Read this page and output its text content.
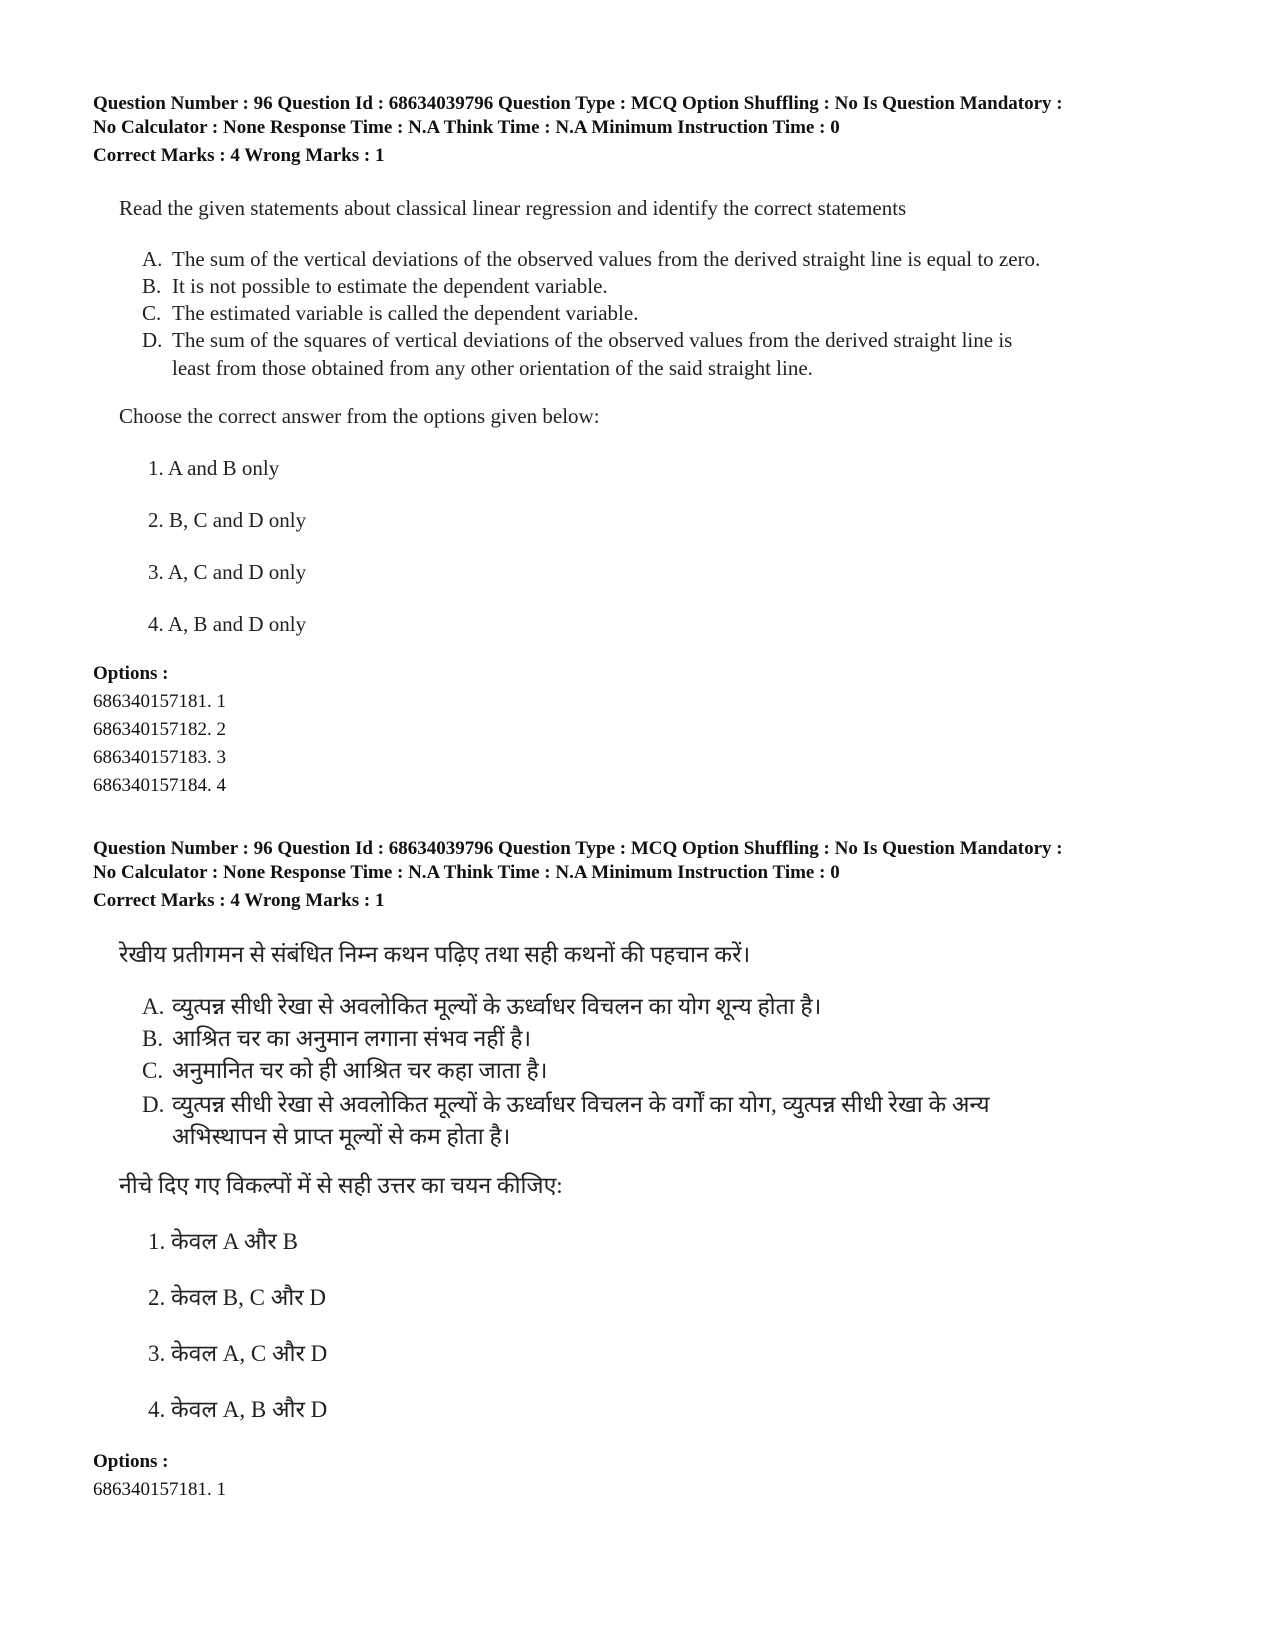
Question Number : 96 Question Id : 68634039796 Question Type : MCQ Option Shuffling : No Is Question Mandatory :
No Calculator : None Response Time : N.A Think Time : N.A Minimum Instruction Time : 0
Correct Marks : 4 Wrong Marks : 1
Read the given statements about classical linear regression and identify the correct statements
A. The sum of the vertical deviations of the observed values from the derived straight line is equal to zero.
B. It is not possible to estimate the dependent variable.
C. The estimated variable is called the dependent variable.
D. The sum of the squares of vertical deviations of the observed values from the derived straight line is
least from those obtained from any other orientation of the said straight line.
Choose the correct answer from the options given below:
1. A and B only
2. B, C and D only
3. A, C and D only
4. A, B and D only
Options :
686340157181. 1
686340157182. 2
686340157183. 3
686340157184. 4
Question Number : 96 Question Id : 68634039796 Question Type : MCQ Option Shuffling : No Is Question Mandatory :
No Calculator : None Response Time : N.A Think Time : N.A Minimum Instruction Time : 0
Correct Marks : 4 Wrong Marks : 1
रेखीय प्रतीगमन से संबंधित निम्न कथन पढ़िए तथा सही कथनों की पहचान करें।
A. व्युत्पन्न सीधी रेखा से अवलोकित मूल्यों के ऊर्ध्वाधर विचलन का योग शून्य होता है।
B. आश्रित चर का अनुमान लगाना संभव नहीं है।
C. अनुमानित चर को ही आश्रित चर कहा जाता है।
D. व्युत्पन्न सीधी रेखा से अवलोकित मूल्यों के ऊर्ध्वाधर विचलन के वर्गों का योग, व्युत्पन्न सीधी रेखा के अन्य
अभिस्थापन से प्राप्त मूल्यों से कम होता है।
नीचे दिए गए विकल्पों में से सही उत्तर का चयन कीजिए:
1. केवल A और B
2. केवल B, C और D
3. केवल A, C और D
4. केवल A, B और D
Options :
686340157181. 1
